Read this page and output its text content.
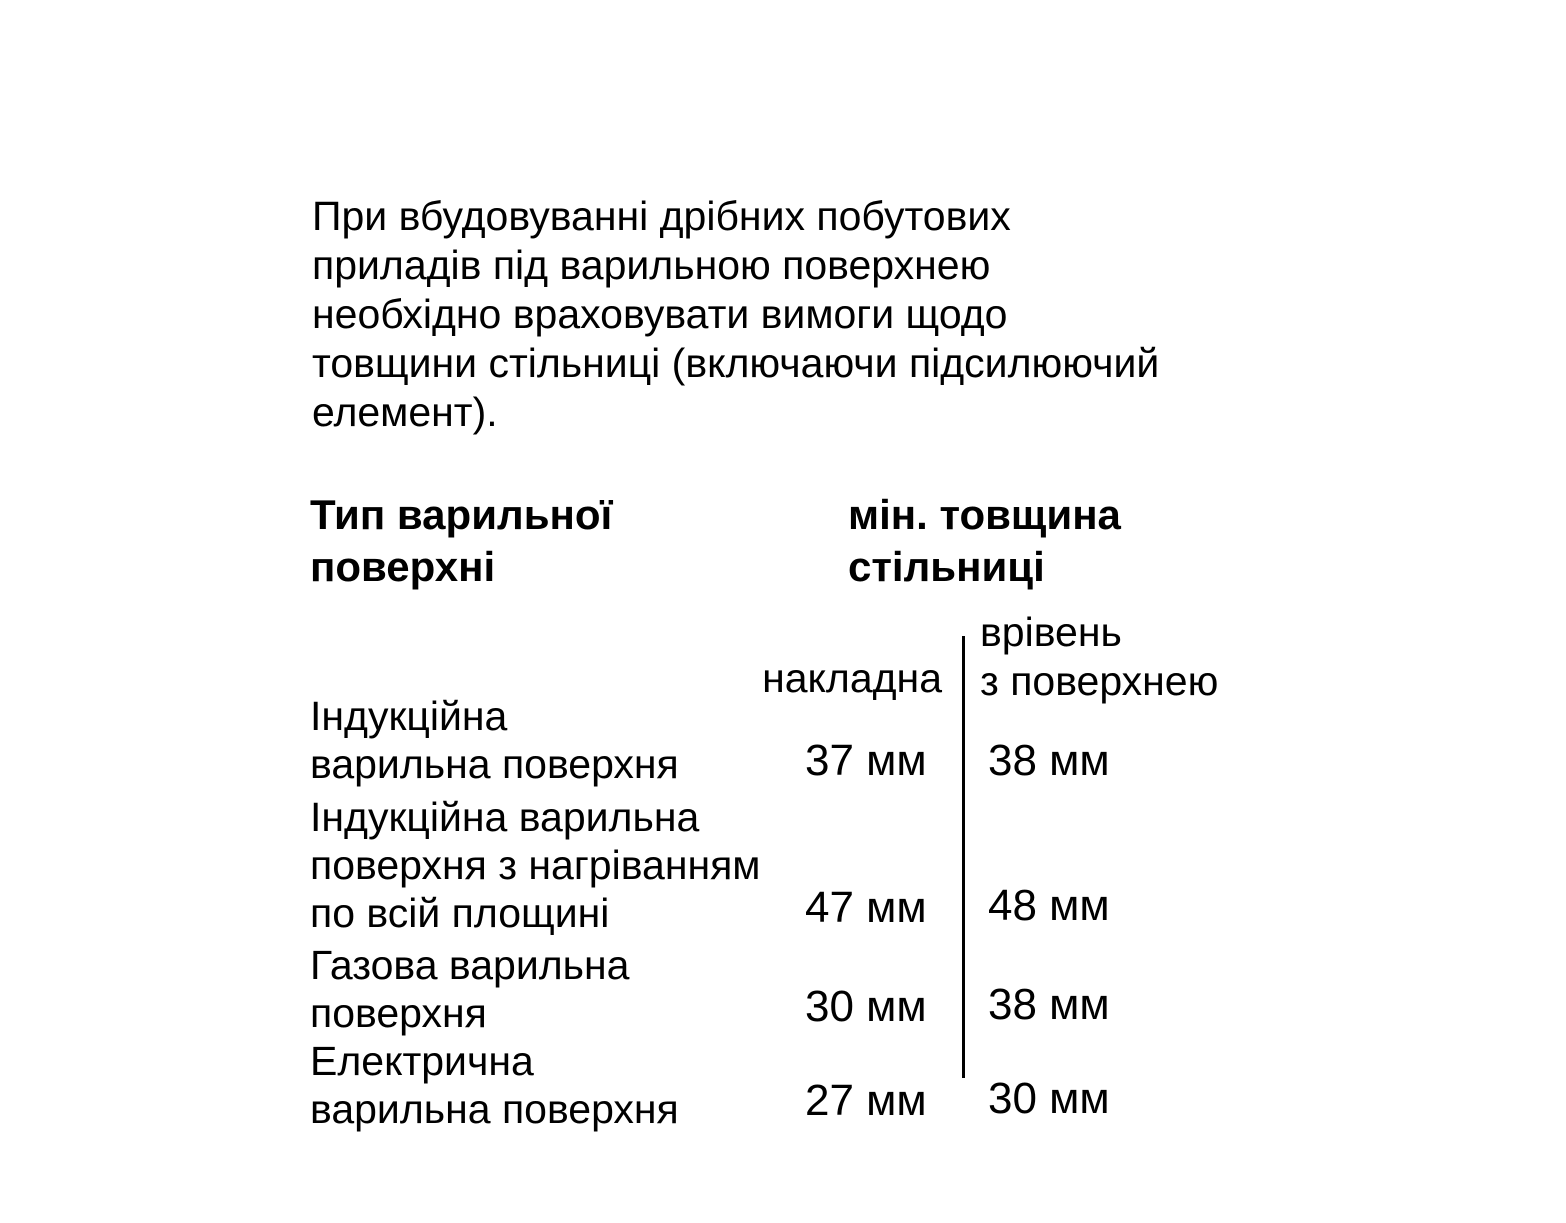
При вбудовуванні дрібних побутових
приладів під варильною поверхнею
необхідно враховувати вимоги щодо
товщини стільниці (включаючи підсилюючий
елемент).
Тип варильної
поверхні
мін. товщина
стільниці
накладна
врівень
з поверхнею
Індукційна
варильна поверхня	37 мм 38 мм
Індукційна варильна
поверхня з нагріванням
по всій площині	47 мм 48 мм
Газова варильна
поверхня	30 мм 38 мм
Електрична
варильна поверхня	27 мм 30 мм
